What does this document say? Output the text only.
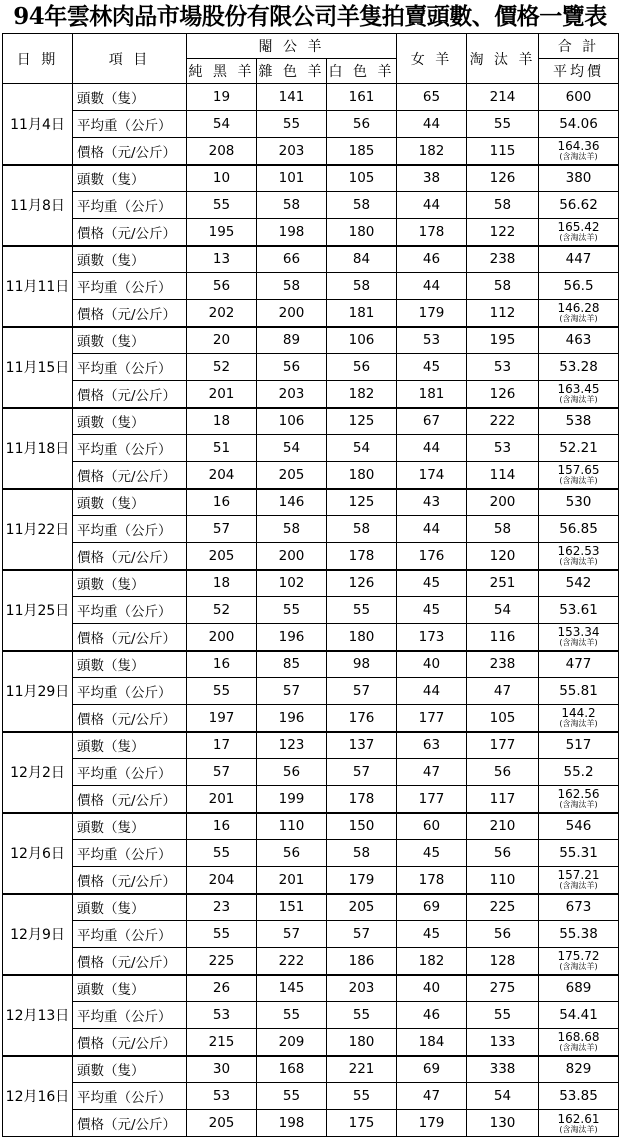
94年雲林肉品市場股份有限公司羊隻拍賣頭數、價格一覽表
日 期	項 目	閹 公 羊			女 羊	淘 汰 羊	合 計
		純 黑 羊	雜 色 羊	白 色 羊			平均價
11月4日	頭數（隻）	19	141	161	65	214	600
	平均重（公斤）	54	55	56	44	55	54.06
	價格（元/公斤）	208	203	185	182	115	164.36
(含淘汰羊)

11月8日	頭數（隻）	10	101	105	38	126	380
	平均重（公斤）	55	58	58	44	58	56.62
	價格（元/公斤）	195	198	180	178	122	165.42
(含淘汰羊)

11月11日	頭數（隻）	13	66	84	46	238	447
	平均重（公斤）	56	58	58	44	58	56.5
	價格（元/公斤）	202	200	181	179	112	146.28
(含淘汰羊)

11月15日	頭數（隻）	20	89	106	53	195	463
	平均重（公斤）	52	56	56	45	53	53.28
	價格（元/公斤）	201	203	182	181	126	163.45
(含淘汰羊)

11月18日	頭數（隻）	18	106	125	67	222	538
	平均重（公斤）	51	54	54	44	53	52.21
	價格（元/公斤）	204	205	180	174	114	157.65
(含淘汰羊)

11月22日	頭數（隻）	16	146	125	43	200	530
	平均重（公斤）	57	58	58	44	58	56.85
	價格（元/公斤）	205	200	178	176	120	162.53
(含淘汰羊)

11月25日	頭數（隻）	18	102	126	45	251	542
	平均重（公斤）	52	55	55	45	54	53.61
	價格（元/公斤）	200	196	180	173	116	153.34
(含淘汰羊)

11月29日	頭數（隻）	16	85	98	40	238	477
	平均重（公斤）	55	57	57	44	47	55.81
	價格（元/公斤）	197	196	176	177	105	144.2
(含淘汰羊)

12月2日	頭數（隻）	17	123	137	63	177	517
	平均重（公斤）	57	56	57	47	56	55.2
	價格（元/公斤）	201	199	178	177	117	162.56
(含淘汰羊)

12月6日	頭數（隻）	16	110	150	60	210	546
	平均重（公斤）	55	56	58	45	56	55.31
	價格（元/公斤）	204	201	179	178	110	157.21
(含淘汰羊)

12月9日	頭數（隻）	23	151	205	69	225	673
	平均重（公斤）	55	57	57	45	56	55.38
	價格（元/公斤）	225	222	186	182	128	175.72
(含淘汰羊)

12月13日	頭數（隻）	26	145	203	40	275	689
	平均重（公斤）	53	55	55	46	55	54.41
	價格（元/公斤）	215	209	180	184	133	168.68
(含淘汰羊)

12月16日	頭數（隻）	30	168	221	69	338	829
	平均重（公斤）	53	55	55	47	54	53.85
	價格（元/公斤）	205	198	175	179	130	162.61
(含淘汰羊)
